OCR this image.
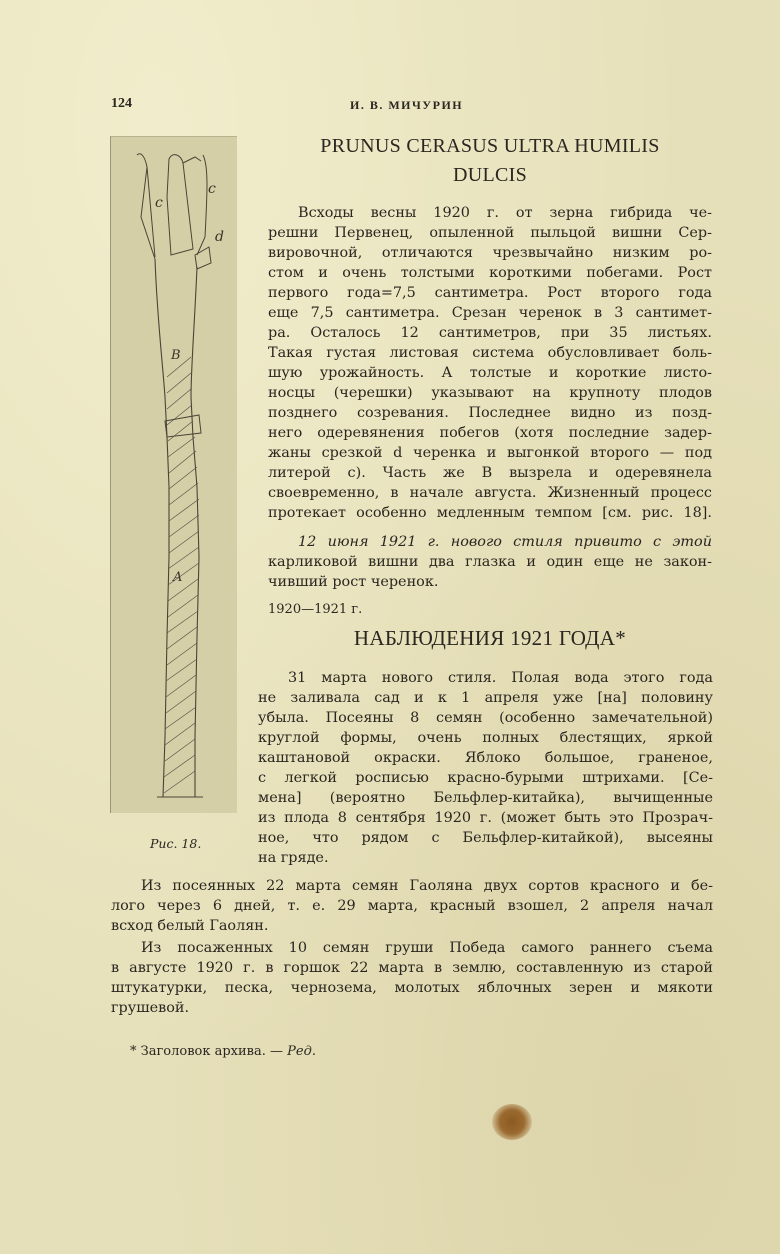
124	И. В. МИЧУРИН
c
c
d
B
A
Рис. 18.
PRUNUS CERASUS ULTRA HUMILIS
DULCIS
Всходы весны 1920 г. от зерна гибрида че-
решни Первенец, опыленной пыльцой вишни Сер-
вировочной, отличаются чрезвычайно низким ро-
стом и очень толстыми короткими побегами. Рост
первого года=7,5 сантиметра. Рост второго года
еще 7,5 сантиметра. Срезан черенок в 3 сантимет-
ра. Осталось 12 сантиметров, при 35 листьях.
Такая густая листовая система обусловливает боль-
шую урожайность. А толстые и короткие листо-
носцы (черешки) указывают на крупноту плодов
позднего созревания. Последнее видно из позд-
него одеревянения побегов (хотя последние задер-
жаны срезкой d черенка и выгонкой второго — под
литерой c). Часть же B вызрела и одеревянела
своевременно, в начале августа. Жизненный процесс
протекает особенно медленным темпом [см. рис. 18].
12 июня 1921 г. нового стиля привито с этой
карликовой вишни два глазка и один еще не закон-
чивший рост черенок.
1920—1921 г.
НАБЛЮДЕНИЯ 1921 ГОДА*
31 марта нового стиля. Полая вода этого года
не заливала сад и к 1 апреля уже [на] половину
убыла. Посеяны 8 семян (особенно замечательной)
круглой формы, очень полных блестящих, яркой
каштановой окраски. Яблоко большое, граненое,
с легкой росписью красно-бурыми штрихами. [Се-
мена] (вероятно Бельфлер-китайка), вычищенные
из плода 8 сентября 1920 г. (может быть это Прозрач-
ное, что рядом с Бельфлер-китайкой), высеяны
на гряде.
Из посеянных 22 марта семян Гаоляна двух сортов красного и бе-
лого через 6 дней, т. е. 29 марта, красный взошел, 2 апреля начал
всход белый Гаолян.
Из посаженных 10 семян груши Победа самого раннего съема
в августе 1920 г. в горшок 22 марта в землю, составленную из старой
штукатурки, песка, чернозема, молотых яблочных зерен и мякоти
грушевой.
* Заголовок архива. — Ред.
